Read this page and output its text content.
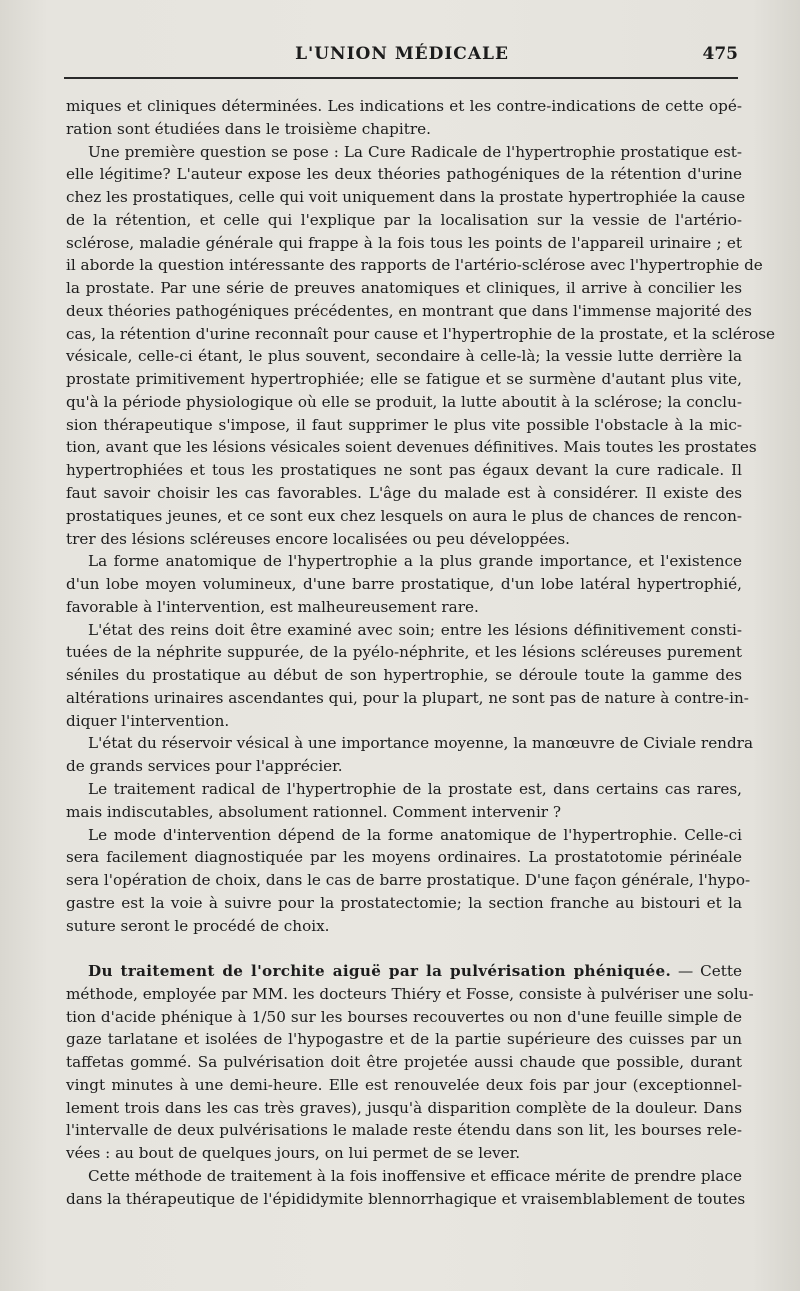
L'UNION MÉDICALE	475
miques et cliniques déterminées. Les indications et les contre-indications de cette opé-
ration sont étudiées dans le troisième chapitre.
Une première question se pose : La Cure Radicale de l'hypertrophie prostatique est-
elle légitime? L'auteur expose les deux théories pathogéniques de la rétention d'urine
chez les prostatiques, celle qui voit uniquement dans la prostate hypertrophiée la cause
de la rétention, et celle qui l'explique par la localisation sur la vessie de l'artério-
sclérose, maladie générale qui frappe à la fois tous les points de l'appareil urinaire ; et
il aborde la question intéressante des rapports de l'artério-sclérose avec l'hypertrophie de
la prostate. Par une série de preuves anatomiques et cliniques, il arrive à concilier les
deux théories pathogéniques précédentes, en montrant que dans l'immense majorité des
cas, la rétention d'urine reconnaît pour cause et l'hypertrophie de la prostate, et la sclérose
vésicale, celle-ci étant, le plus souvent, secondaire à celle-là; la vessie lutte derrière la
prostate primitivement hypertrophiée; elle se fatigue et se surmène d'autant plus vite,
qu'à la période physiologique où elle se produit, la lutte aboutit à la sclérose; la conclu-
sion thérapeutique s'impose, il faut supprimer le plus vite possible l'obstacle à la mic-
tion, avant que les lésions vésicales soient devenues définitives. Mais toutes les prostates
hypertrophiées et tous les prostatiques ne sont pas égaux devant la cure radicale. Il
faut savoir choisir les cas favorables. L'âge du malade est à considérer. Il existe des
prostatiques jeunes, et ce sont eux chez lesquels on aura le plus de chances de rencon-
trer des lésions scléreuses encore localisées ou peu développées.
La forme anatomique de l'hypertrophie a la plus grande importance, et l'existence
d'un lobe moyen volumineux, d'une barre prostatique, d'un lobe latéral hypertrophié,
favorable à l'intervention, est malheureusement rare.
L'état des reins doit être examiné avec soin; entre les lésions définitivement consti-
tuées de la néphrite suppurée, de la pyélo-néphrite, et les lésions scléreuses purement
séniles du prostatique au début de son hypertrophie, se déroule toute la gamme des
altérations urinaires ascendantes qui, pour la plupart, ne sont pas de nature à contre-in-
diquer l'intervention.
L'état du réservoir vésical à une importance moyenne, la manœuvre de Civiale rendra
de grands services pour l'apprécier.
Le traitement radical de l'hypertrophie de la prostate est, dans certains cas rares,
mais indiscutables, absolument rationnel. Comment intervenir ?
Le mode d'intervention dépend de la forme anatomique de l'hypertrophie. Celle-ci
sera facilement diagnostiquée par les moyens ordinaires. La prostatotomie périnéale
sera l'opération de choix, dans le cas de barre prostatique. D'une façon générale, l'hypo-
gastre est la voie à suivre pour la prostatectomie; la section franche au bistouri et la
suture seront le procédé de choix.
Du traitement de l'orchite aiguë par la pulvérisation phéniquée. — Cette
méthode, employée par MM. les docteurs Thiéry et Fosse, consiste à pulvériser une solu-
tion d'acide phénique à 1/50 sur les bourses recouvertes ou non d'une feuille simple de
gaze tarlatane et isolées de l'hypogastre et de la partie supérieure des cuisses par un
taffetas gommé. Sa pulvérisation doit être projetée aussi chaude que possible, durant
vingt minutes à une demi-heure. Elle est renouvelée deux fois par jour (exceptionnel-
lement trois dans les cas très graves), jusqu'à disparition complète de la douleur. Dans
l'intervalle de deux pulvérisations le malade reste étendu dans son lit, les bourses rele-
vées : au bout de quelques jours, on lui permet de se lever.
Cette méthode de traitement à la fois inoffensive et efficace mérite de prendre place
dans la thérapeutique de l'épididymite blennorrhagique et vraisemblablement de toutes
